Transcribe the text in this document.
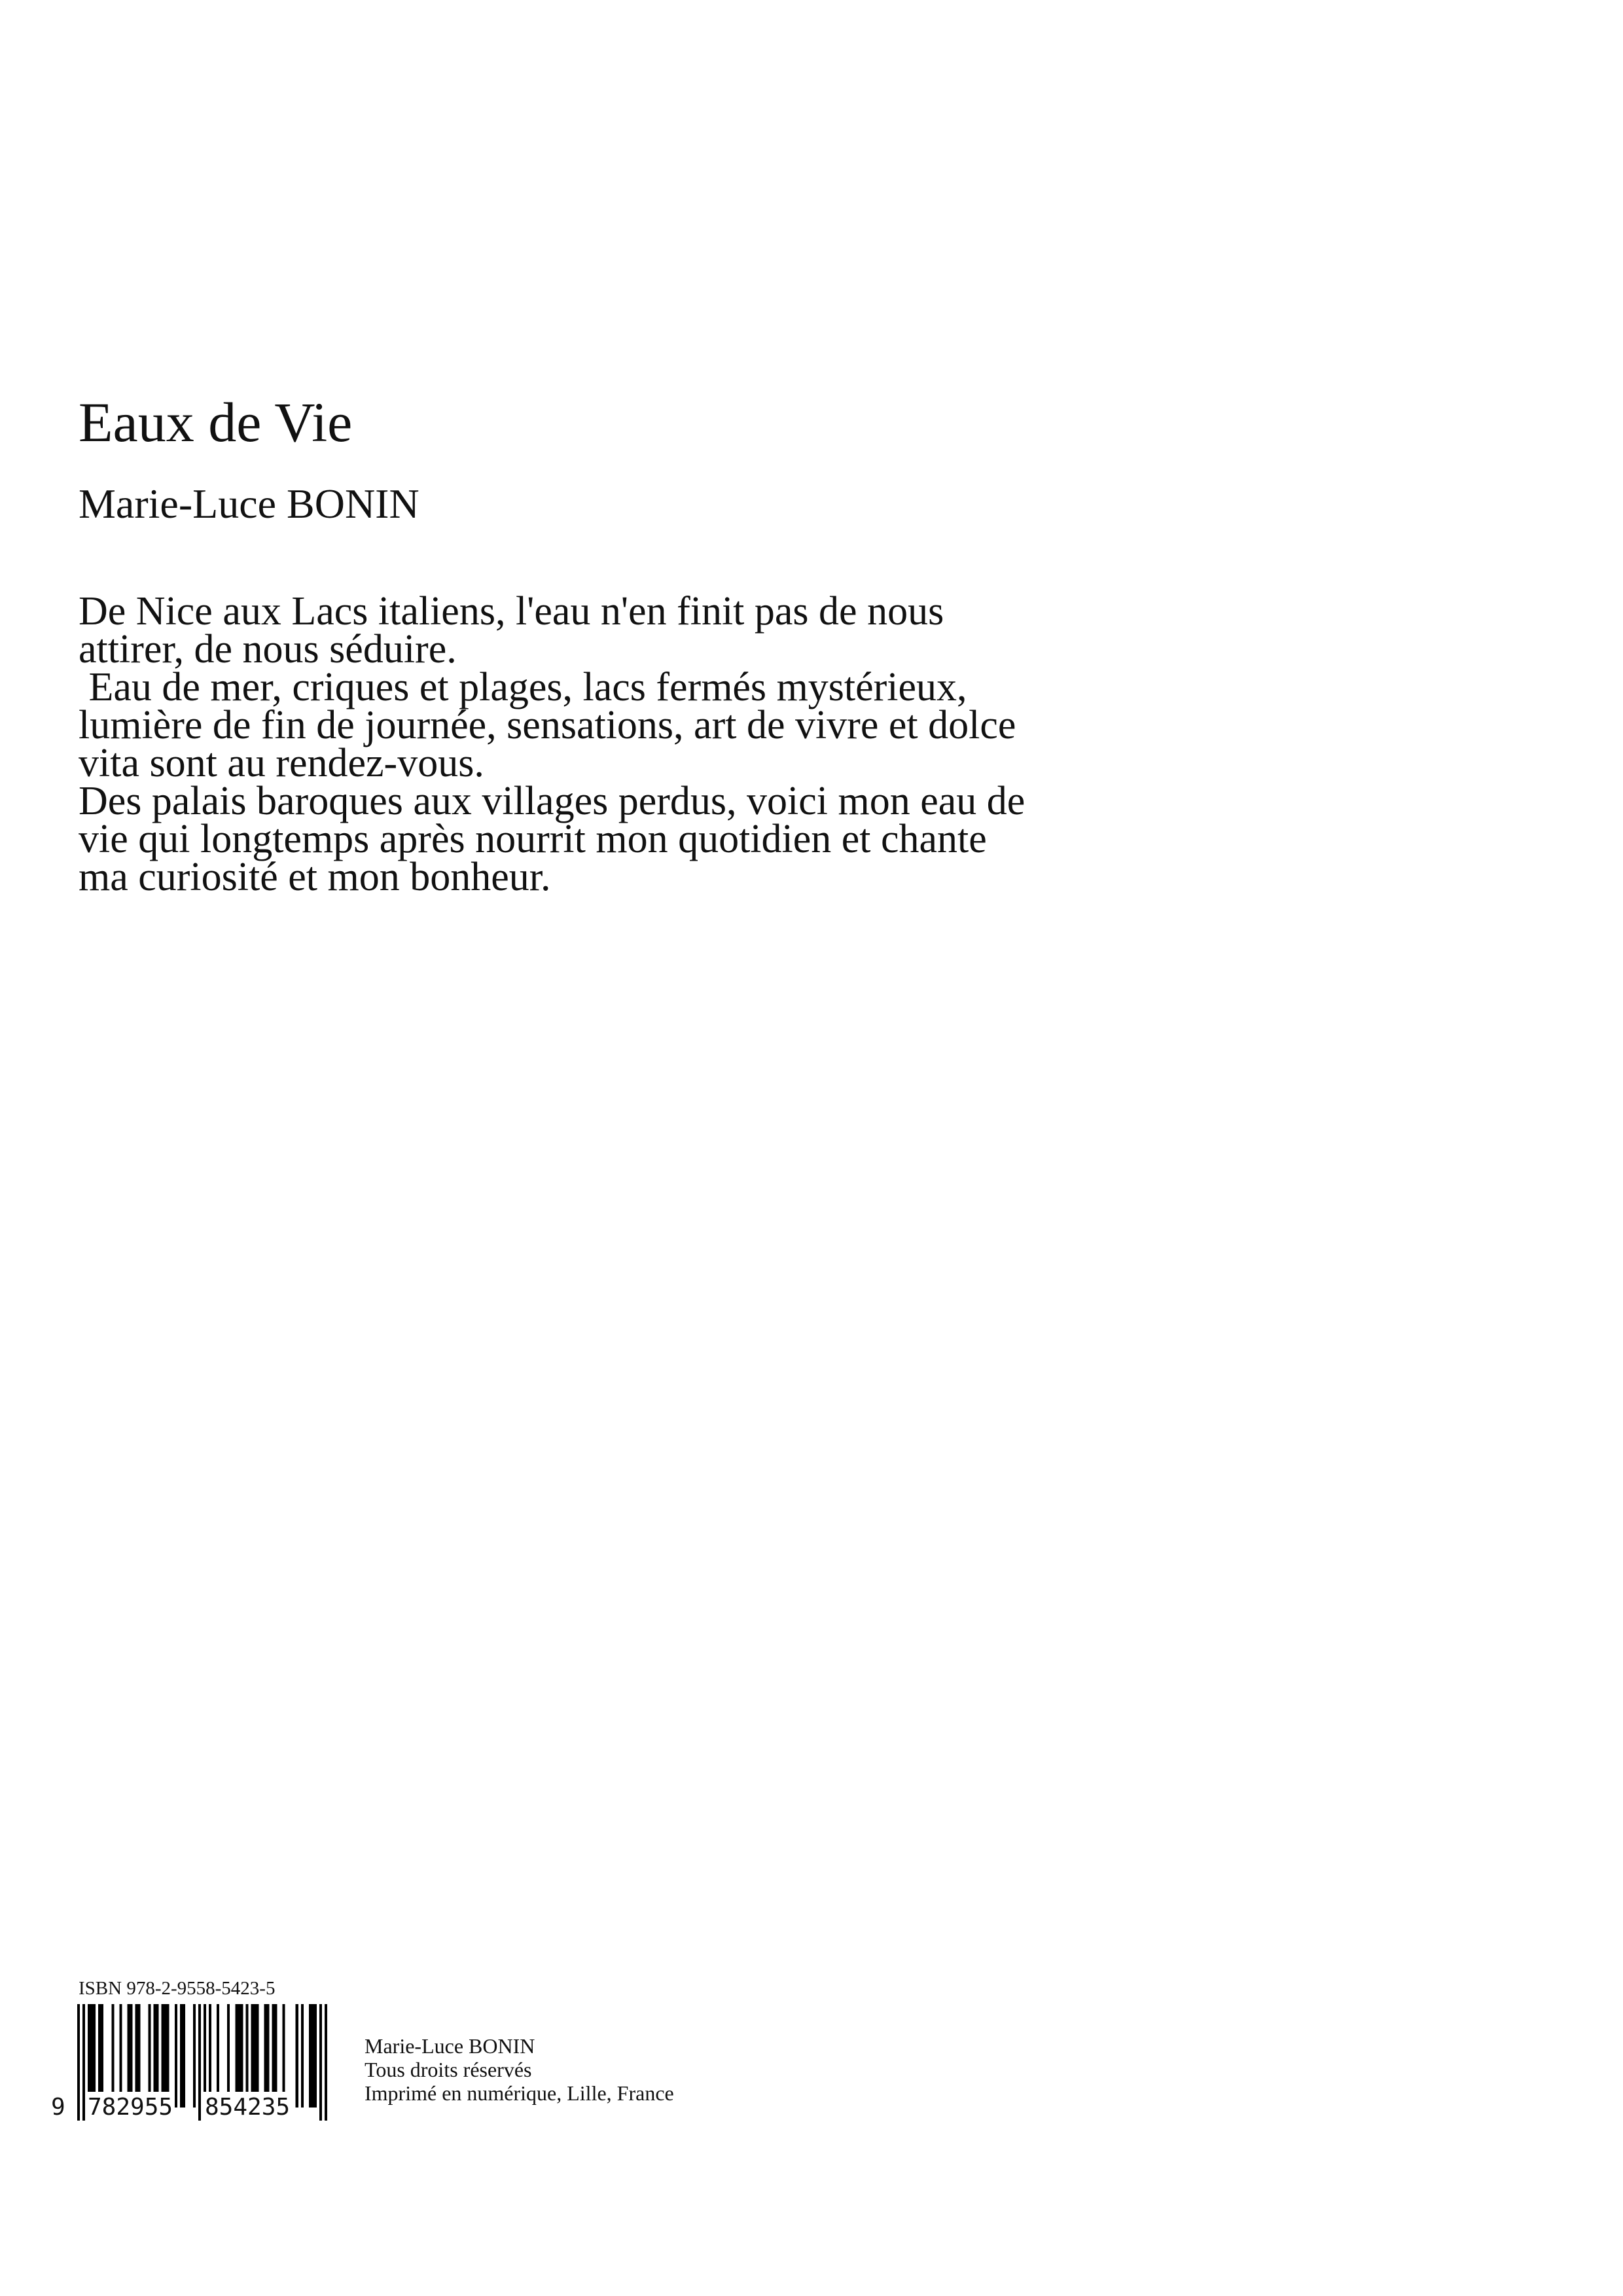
Eaux de Vie

Marie-Luce BONIN

De Nice aux Lacs italiens, l'eau n'en finit pas de nous
attirer, de nous séduire.
Eau de mer, criques et plages, lacs fermés mystérieux,
lumière de fin de journée, sensations, art de vivre et dolce
vita sont au rendez-vous.
Des palais baroques aux villages perdus, voici mon eau de
vie qui longtemps après nourrit mon quotidien et chante
ma curiosité et mon bonheur.
ISBN 978-2-9558-5423-5
9 782955 854235
Marie-Luce BONIN
Tous droits réservés
Imprimé en numérique, Lille, France
